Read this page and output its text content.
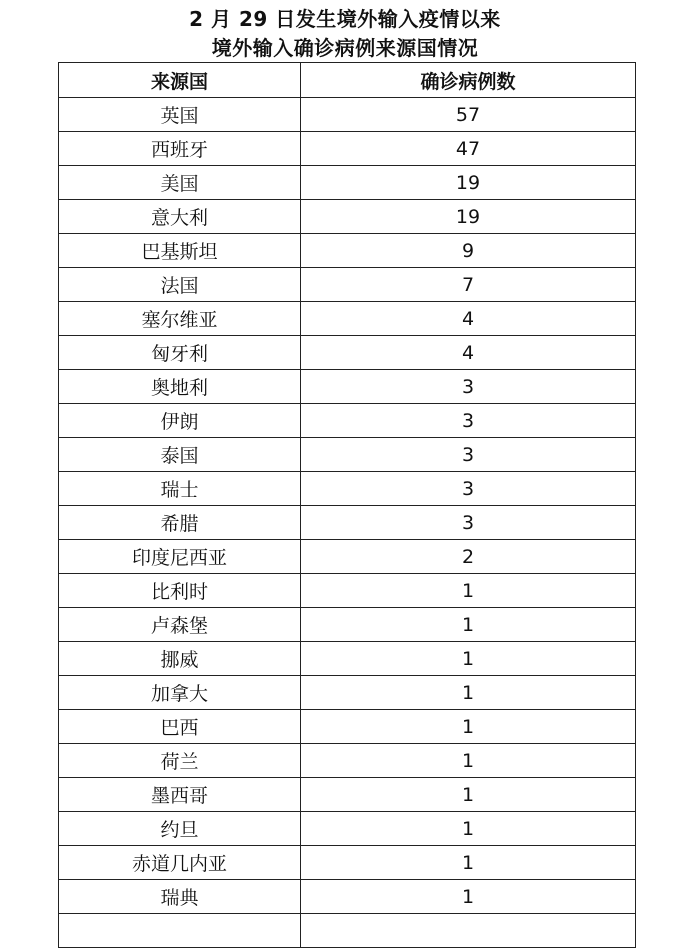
2 月 29 日发生境外输入疫情以来
境外输入确诊病例来源国情况
来源国	确诊病例数
英国	57
西班牙	47
美国	19
意大利	19
巴基斯坦	9
法国	7
塞尔维亚	4
匈牙利	4
奥地利	3
伊朗	3
泰国	3
瑞士	3
希腊	3
印度尼西亚	2
比利时	1
卢森堡	1
挪威	1
加拿大	1
巴西	1
荷兰	1
墨西哥	1
约旦	1
赤道几内亚	1
瑞典	1
